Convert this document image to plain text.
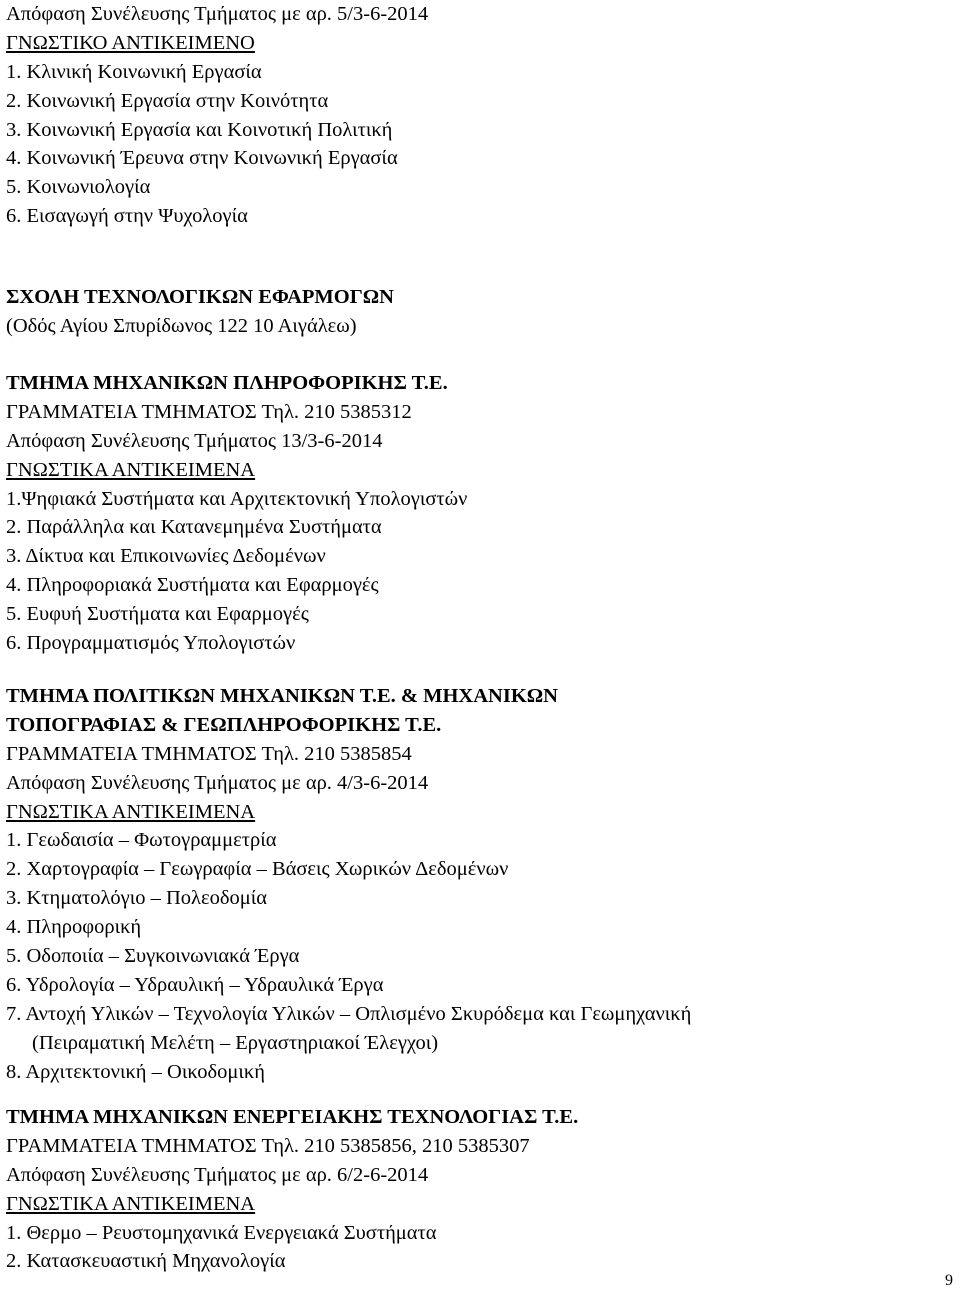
Απόφαση Συνέλευσης Τμήματος με αρ. 5/3-6-2014
ΓΝΩΣΤΙΚΟ ΑΝΤΙΚΕΙΜΕΝΟ
1. Κλινική Κοινωνική Εργασία
2. Κοινωνική Εργασία στην Κοινότητα
3. Κοινωνική Εργασία και Κοινοτική Πολιτική
4. Κοινωνική Έρευνα στην Κοινωνική Εργασία
5. Κοινωνιολογία
6. Εισαγωγή στην Ψυχολογία
ΣΧΟΛΗ ΤΕΧΝΟΛΟΓΙΚΩΝ ΕΦΑΡΜΟΓΩΝ
(Οδός Αγίου Σπυρίδωνος 122 10 Αιγάλεω)
ΤΜΗΜΑ ΜΗΧΑΝΙΚΩΝ ΠΛΗΡΟΦΟΡΙΚΗΣ Τ.Ε.
ΓΡΑΜΜΑΤΕΙΑ ΤΜΗΜΑΤΟΣ Τηλ. 210 5385312
Απόφαση Συνέλευσης Τμήματος 13/3-6-2014
ΓΝΩΣΤΙΚΑ ΑΝΤΙΚΕΙΜΕΝΑ
1.Ψηφιακά Συστήματα και Αρχιτεκτονική Υπολογιστών
2. Παράλληλα και Κατανεμημένα Συστήματα
3. Δίκτυα και Επικοινωνίες Δεδομένων
4. Πληροφοριακά Συστήματα και Εφαρμογές
5. Ευφυή Συστήματα και Εφαρμογές
6. Προγραμματισμός Υπολογιστών
ΤΜΗΜΑ ΠΟΛΙΤΙΚΩΝ ΜΗΧΑΝΙΚΩΝ Τ.Ε. & ΜΗΧΑΝΙΚΩΝ
ΤΟΠΟΓΡΑΦΙΑΣ & ΓΕΩΠΛΗΡΟΦΟΡΙΚΗΣ Τ.Ε.
ΓΡΑΜΜΑΤΕΙΑ ΤΜΗΜΑΤΟΣ Τηλ. 210 5385854
Απόφαση Συνέλευσης Τμήματος με αρ. 4/3-6-2014
ΓΝΩΣΤΙΚΑ ΑΝΤΙΚΕΙΜΕΝΑ
1. Γεωδαισία – Φωτογραμμετρία
2. Χαρτογραφία – Γεωγραφία – Βάσεις Χωρικών Δεδομένων
3. Κτηματολόγιο – Πολεοδομία
4. Πληροφορική
5. Οδοποιία – Συγκοινωνιακά Έργα
6. Υδρολογία – Υδραυλική – Υδραυλικά Έργα
7. Αντοχή Υλικών – Τεχνολογία Υλικών – Οπλισμένο Σκυρόδεμα και Γεωμηχανική
(Πειραματική Μελέτη – Εργαστηριακοί Έλεγχοι)
8. Αρχιτεκτονική – Οικοδομική
ΤΜΗΜΑ ΜΗΧΑΝΙΚΩΝ ΕΝΕΡΓΕΙΑΚΗΣ ΤΕΧΝΟΛΟΓΙΑΣ Τ.Ε.
ΓΡΑΜΜΑΤΕΙΑ ΤΜΗΜΑΤΟΣ Τηλ. 210 5385856, 210 5385307
Απόφαση Συνέλευσης Τμήματος με αρ. 6/2-6-2014
ΓΝΩΣΤΙΚΑ ΑΝΤΙΚΕΙΜΕΝΑ
1. Θερμο – Ρευστομηχανικά Ενεργειακά Συστήματα
2. Κατασκευαστική Μηχανολογία
9
